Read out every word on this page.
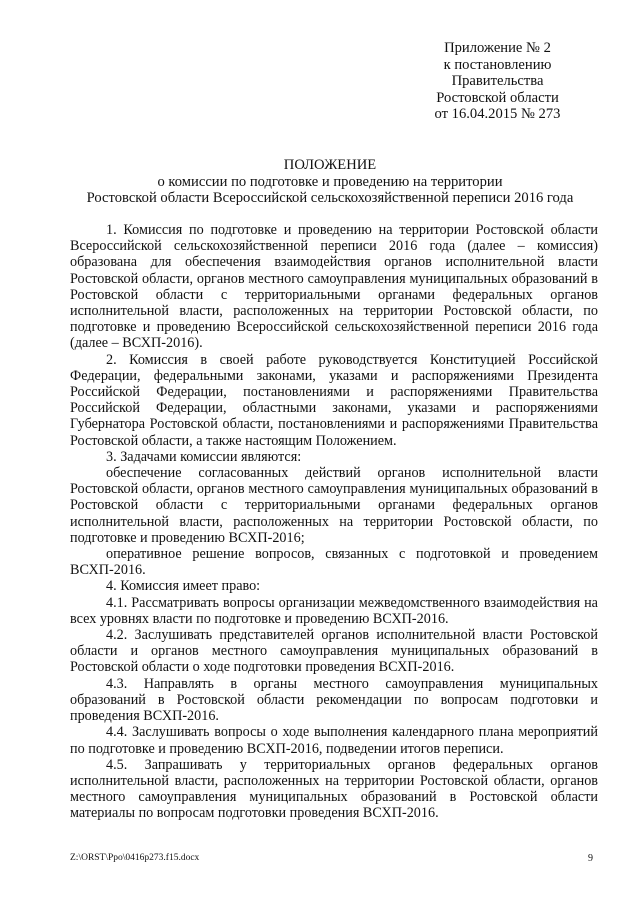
Приложение № 2
к постановлению
Правительства
Ростовской области
от 16.04.2015 № 273
ПОЛОЖЕНИЕ
о комиссии по подготовке и проведению на территории
Ростовской области Всероссийской сельскохозяйственной переписи 2016 года

1. Комиссия по подготовке и проведению на территории Ростовской области Всероссийской сельскохозяйственной переписи 2016 года (далее – комиссия) образована для обеспечения взаимодействия органов исполнительной власти Ростовской области, органов местного самоуправления муниципальных образований в Ростовской области с территориальными органами федеральных органов исполнительной власти, расположенных на территории Ростовской области, по подготовке и проведению Всероссийской сельскохозяйственной переписи 2016 года (далее – ВСХП-2016).

2. Комиссия в своей работе руководствуется Конституцией Российской Федерации, федеральными законами, указами и распоряжениями Президента Российской Федерации, постановлениями и распоряжениями Правительства Российской Федерации, областными законами, указами и распоряжениями Губернатора Ростовской области, постановлениями и распоряжениями Правительства Ростовской области, а также настоящим Положением.

3. Задачами комиссии являются:

обеспечение согласованных действий органов исполнительной власти Ростовской области, органов местного самоуправления муниципальных образований в Ростовской области с территориальными органами федеральных органов исполнительной власти, расположенных на территории Ростовской области, по подготовке и проведению ВСХП-2016;

оперативное решение вопросов, связанных с подготовкой и проведением ВСХП-2016.

4. Комиссия имеет право:

4.1. Рассматривать вопросы организации межведомственного взаимодействия на всех уровнях власти по подготовке и проведению ВСХП-2016.

4.2. Заслушивать представителей органов исполнительной власти Ростовской области и органов местного самоуправления муниципальных образований в Ростовской области о ходе подготовки проведения ВСХП-2016.

4.3. Направлять в органы местного самоуправления муниципальных образований в Ростовской области рекомендации по вопросам подготовки и проведения ВСХП-2016.

4.4. Заслушивать вопросы о ходе выполнения календарного плана мероприятий по подготовке и проведению ВСХП-2016, подведении итогов переписи.

4.5. Запрашивать у территориальных органов федеральных органов исполнительной власти, расположенных на территории Ростовской области, органов местного самоуправления муниципальных образований в Ростовской области материалы по вопросам подготовки проведения ВСХП-2016.

Z:\ORST\Ppo\0416p273.f15.docx	9
